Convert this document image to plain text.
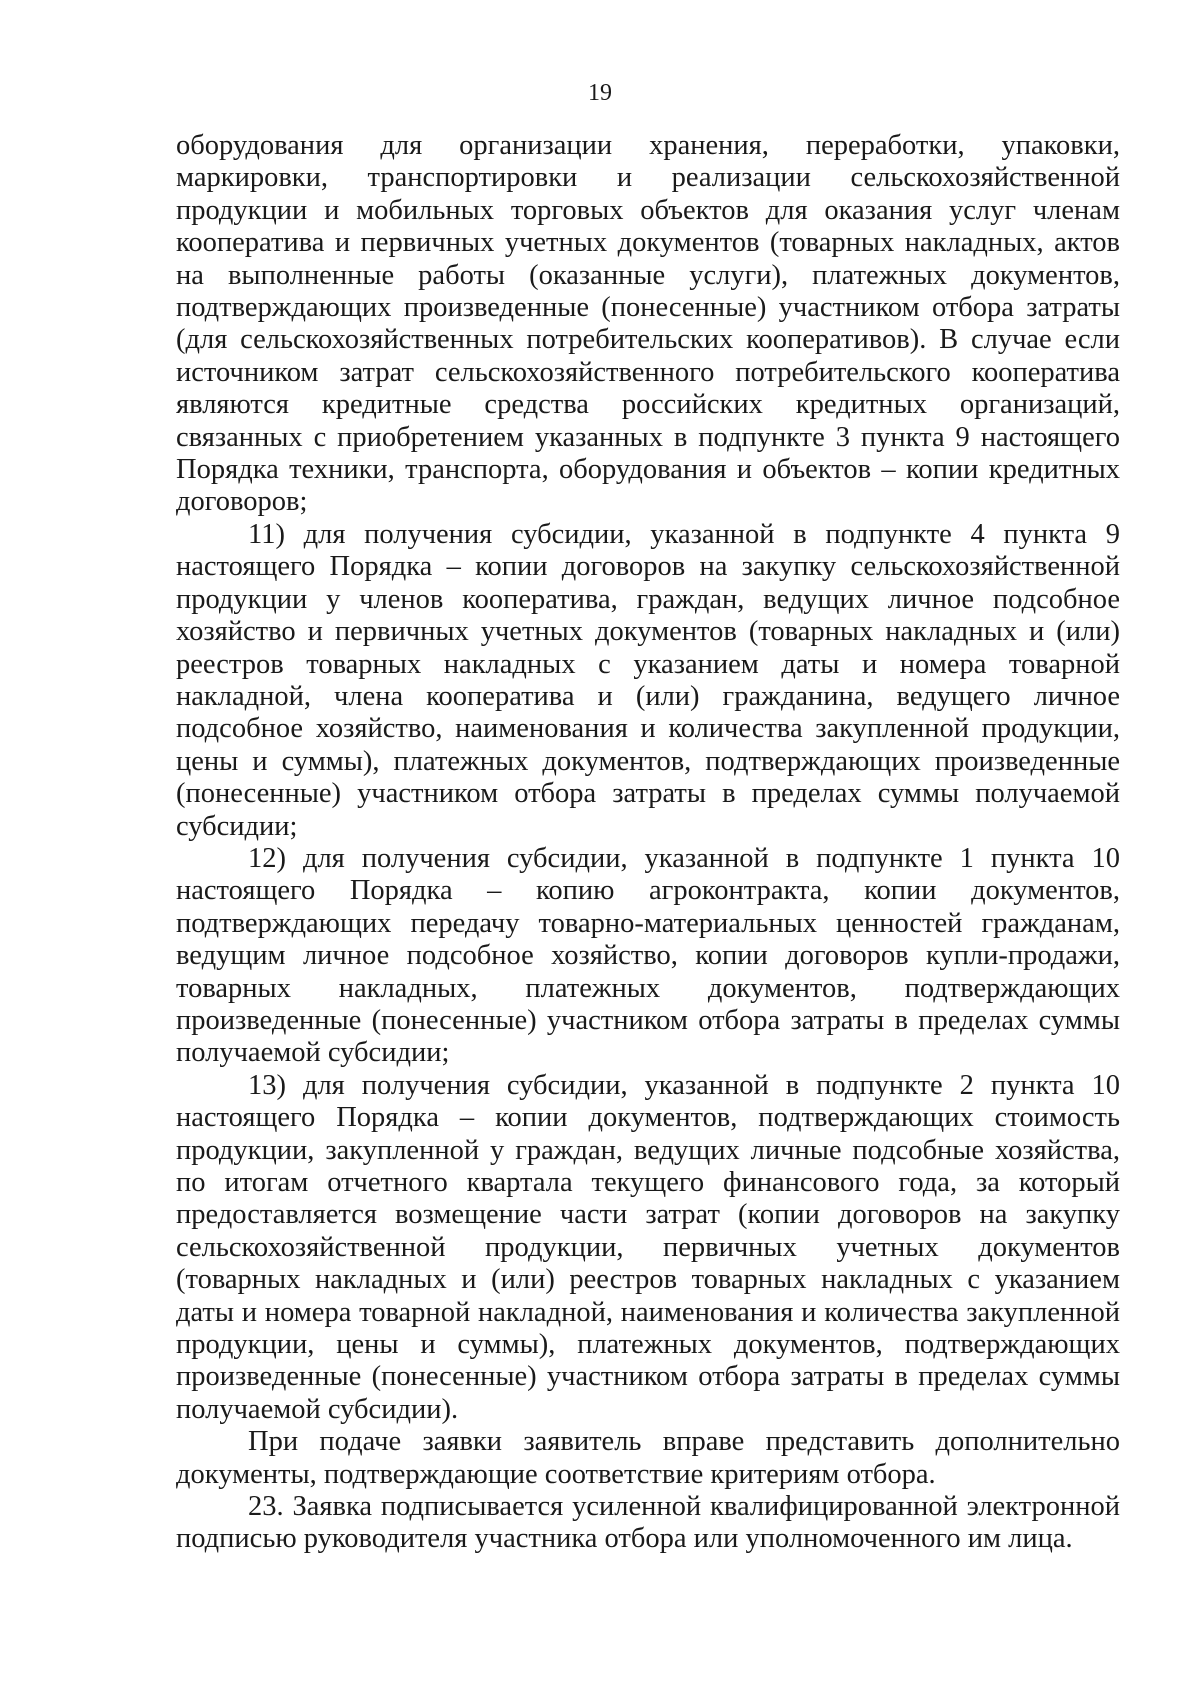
19

оборудования для организации хранения, переработки, упаковки, маркировки, транспортировки и реализации сельскохозяйственной продукции и мобильных торговых объектов для оказания услуг членам кооператива и первичных учетных документов (товарных накладных, актов на выполненные работы (оказанные услуги), платежных документов, подтверждающих произведенные (понесенные) участником отбора затраты (для сельскохозяйственных потребительских кооперативов). В случае если источником затрат сельскохозяйственного потребительского кооператива являются кредитные средства российских кредитных организаций, связанных с приобретением указанных в подпункте 3 пункта 9 настоящего Порядка техники, транспорта, оборудования и объектов – копии кредитных договоров;

11) для получения субсидии, указанной в подпункте 4 пункта 9 настоящего Порядка – копии договоров на закупку сельскохозяйственной продукции у членов кооператива, граждан, ведущих личное подсобное хозяйство и первичных учетных документов (товарных накладных и (или) реестров товарных накладных с указанием даты и номера товарной накладной, члена кооператива и (или) гражданина, ведущего личное подсобное хозяйство, наименования и количества закупленной продукции, цены и суммы), платежных документов, подтверждающих произведенные (понесенные) участником отбора затраты в пределах суммы получаемой субсидии;

12) для получения субсидии, указанной в подпункте 1 пункта 10 настоящего Порядка – копию агроконтракта, копии документов, подтверждающих передачу товарно-материальных ценностей гражданам, ведущим личное подсобное хозяйство, копии договоров купли-продажи, товарных накладных, платежных документов, подтверждающих произведенные (понесенные) участником отбора затраты в пределах суммы получаемой субсидии;

13) для получения субсидии, указанной в подпункте 2 пункта 10 настоящего Порядка – копии документов, подтверждающих стоимость продукции, закупленной у граждан, ведущих личные подсобные хозяйства, по итогам отчетного квартала текущего финансового года, за который предоставляется возмещение части затрат (копии договоров на закупку сельскохозяйственной продукции, первичных учетных документов (товарных накладных и (или) реестров товарных накладных с указанием даты и номера товарной накладной, наименования и количества закупленной продукции, цены и суммы), платежных документов, подтверждающих произведенные (понесенные) участником отбора затраты в пределах суммы получаемой субсидии).

При подаче заявки заявитель вправе представить дополнительно документы, подтверждающие соответствие критериям отбора.

23. Заявка подписывается усиленной квалифицированной электронной подписью руководителя участника отбора или уполномоченного им лица.
